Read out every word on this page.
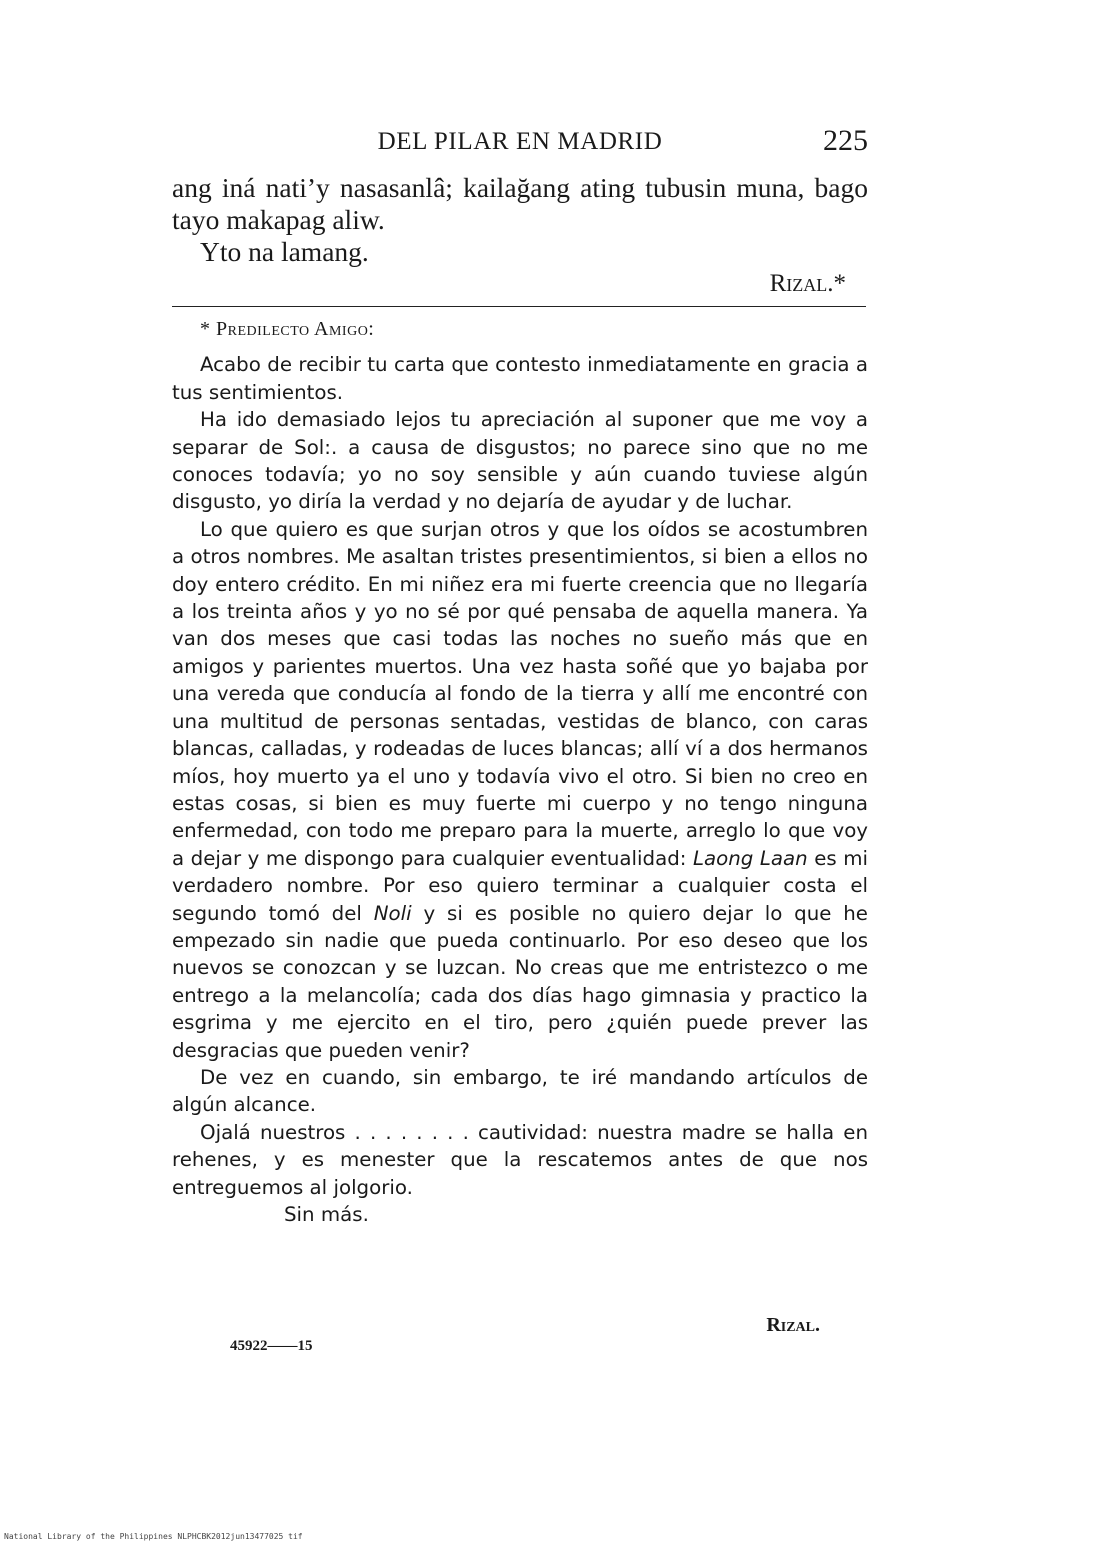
DEL PILAR EN MADRID	225

ang iná nati’y nasasanlâ; kailağang ating tubusin muna, bago tayo makapag aliw.

Yto na lamang.

Rizal.*

* Predilecto Amigo:

Acabo de recibir tu carta que contesto inmediatamente en gracia a tus sentimientos.

Ha ido demasiado lejos tu apreciación al suponer que me voy a separar de Sol:. a causa de disgustos; no parece sino que no me conoces todavía; yo no soy sensible y aún cuando tuviese algún disgusto, yo diría la verdad y no dejaría de ayudar y de luchar.

Lo que quiero es que surjan otros y que los oídos se acostumbren a otros nombres. Me asaltan tristes presentimientos, si bien a ellos no doy entero crédito. En mi niñez era mi fuerte creencia que no llegaría a los treinta años y yo no sé por qué pensaba de aquella manera. Ya van dos meses que casi todas las noches no sueño más que en amigos y parientes muertos. Una vez hasta soñé que yo bajaba por una vereda que conducía al fondo de la tierra y allí me encontré con una multitud de personas sentadas, vestidas de blanco, con caras blancas, calladas, y rodeadas de luces blancas; allí ví a dos hermanos míos, hoy muerto ya el uno y todavía vivo el otro. Si bien no creo en estas cosas, si bien es muy fuerte mi cuerpo y no tengo ninguna enfermedad, con todo me preparo para la muerte, arreglo lo que voy a dejar y me dispongo para cualquier eventualidad: Laong Laan es mi verdadero nombre. Por eso quiero terminar a cualquier costa el segundo tomó del Noli y si es posible no quiero dejar lo que he empezado sin nadie que pueda continuarlo. Por eso deseo que los nuevos se conozcan y se luzcan. No creas que me entristezco o me entrego a la melancolía; cada dos días hago gimnasia y practico la esgrima y me ejercito en el tiro, pero ¿quién puede prever las desgracias que pueden venir?

De vez en cuando, sin embargo, te iré mandando artículos de algún alcance.

Ojalá nuestros . . . . . . . . cautividad: nuestra madre se halla en rehenes, y es menester que la rescatemos antes de que nos entreguemos al jolgorio.

Sin más.

Rizal.
45922——15
National Library of the Philippines NLPHCBK2012jun13477025 tif
